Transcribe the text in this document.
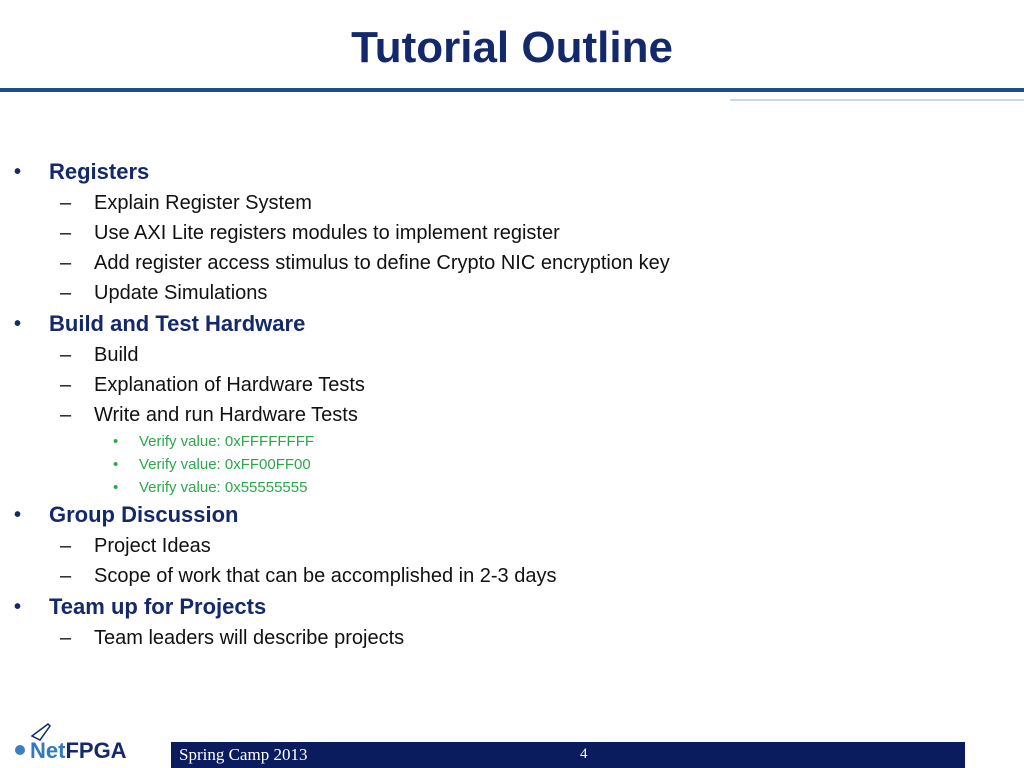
Tutorial Outline
• Registers
– Explain Register System
– Use AXI Lite registers modules to implement register
– Add register access stimulus to define Crypto NIC encryption key
– Update Simulations
• Build and Test Hardware
– Build
– Explanation of Hardware Tests
– Write and run Hardware Tests
• Verify value: 0xFFFFFFFF
• Verify value: 0xFF00FF00
• Verify value: 0x55555555
• Group Discussion
– Project Ideas
– Scope of work that can be accomplished in 2-3 days
• Team up for Projects
– Team leaders will describe projects
NetFPGA	Spring Camp 2013	4
